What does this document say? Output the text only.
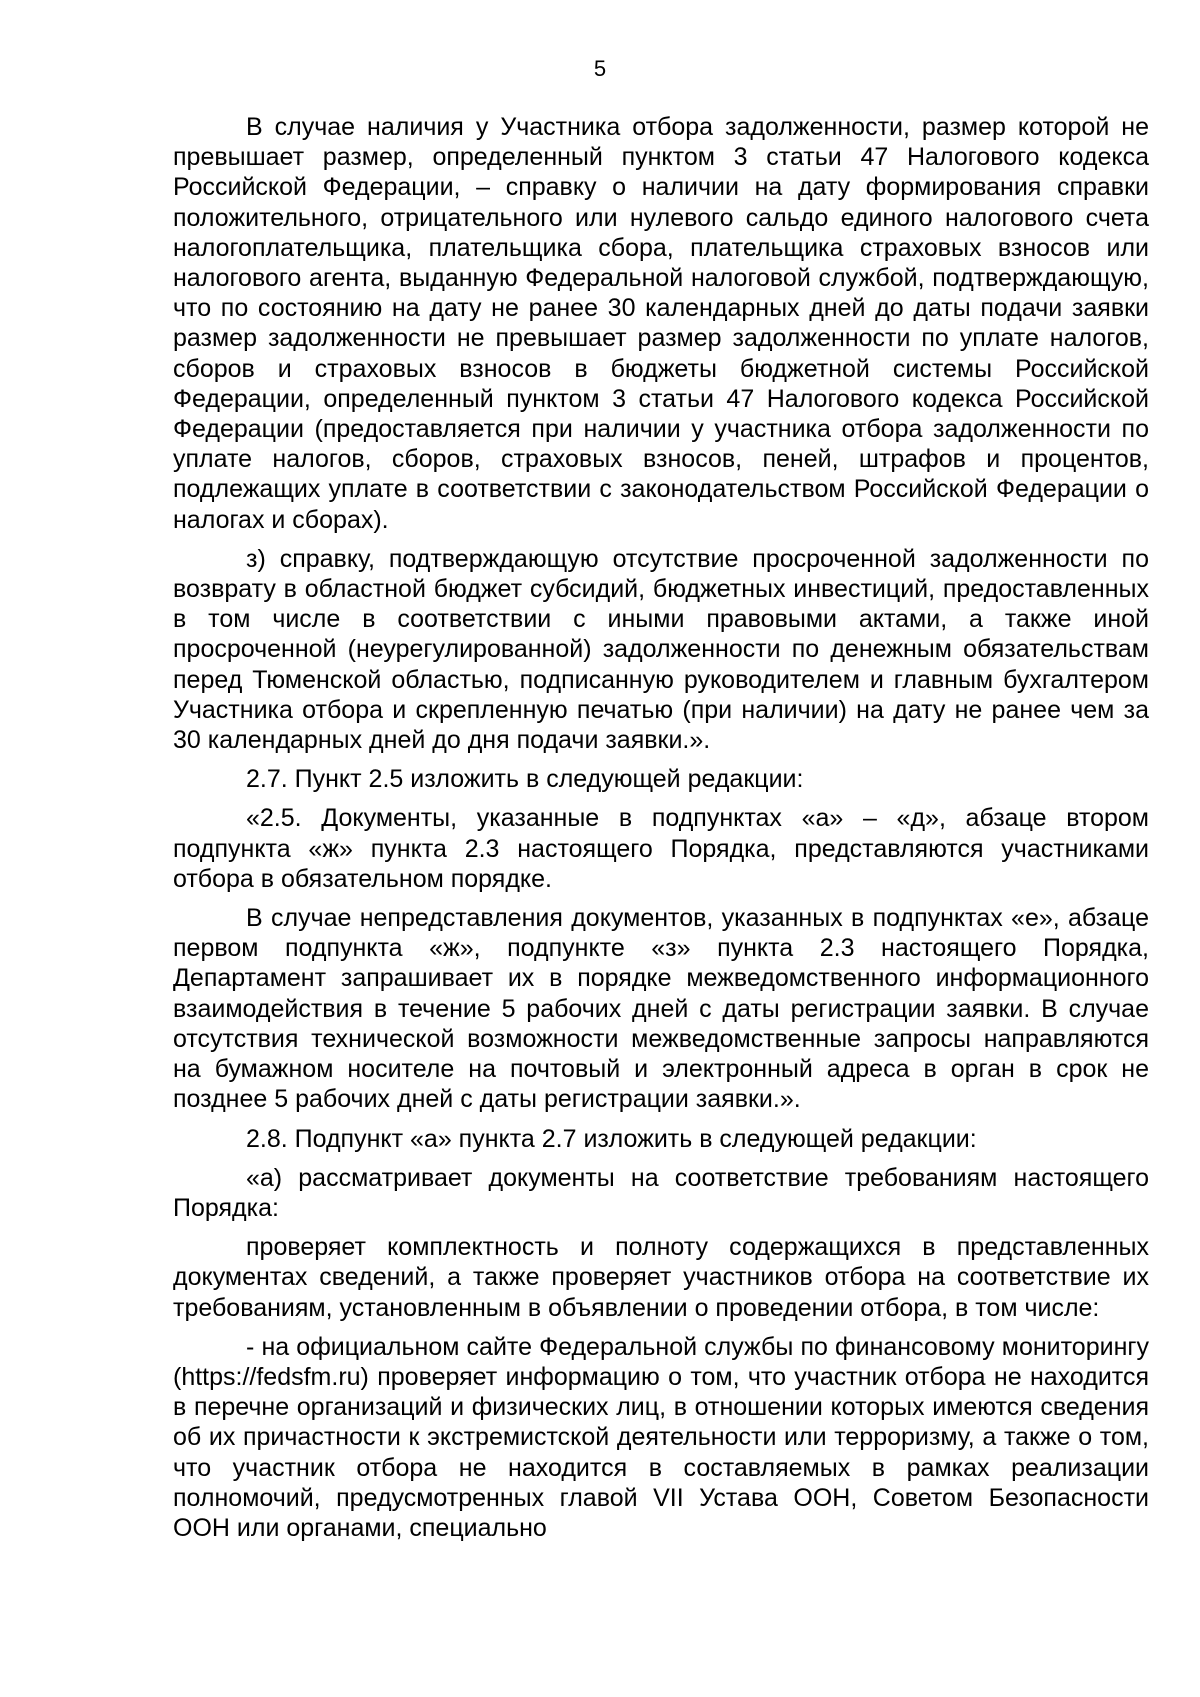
5

В случае наличия у Участника отбора задолженности, размер которой не превышает размер, определенный пунктом 3 статьи 47 Налогового кодекса Российской Федерации, – справку о наличии на дату формирования справки положительного, отрицательного или нулевого сальдо единого налогового счета налогоплательщика, плательщика сбора, плательщика страховых взносов или налогового агента, выданную Федеральной налоговой службой, подтверждающую, что по состоянию на дату не ранее 30 календарных дней до даты подачи заявки размер задолженности не превышает размер задолженности по уплате налогов, сборов и страховых взносов в бюджеты бюджетной системы Российской Федерации, определенный пунктом 3 статьи 47 Налогового кодекса Российской Федерации (предоставляется при наличии у участника отбора задолженности по уплате налогов, сборов, страховых взносов, пеней, штрафов и процентов, подлежащих уплате в соответствии с законодательством Российской Федерации о налогах и сборах).

з) справку, подтверждающую отсутствие просроченной задолженности по возврату в областной бюджет субсидий, бюджетных инвестиций, предоставленных в том числе в соответствии с иными правовыми актами, а также иной просроченной (неурегулированной) задолженности по денежным обязательствам перед Тюменской областью, подписанную руководителем и главным бухгалтером Участника отбора и скрепленную печатью (при наличии) на дату не ранее чем за 30 календарных дней до дня подачи заявки.».

2.7. Пункт 2.5 изложить в следующей редакции:

«2.5. Документы, указанные в подпунктах «а» – «д», абзаце втором подпункта «ж» пункта 2.3 настоящего Порядка, представляются участниками отбора в обязательном порядке.

В случае непредставления документов, указанных в подпунктах «е», абзаце первом подпункта «ж», подпункте «з» пункта 2.3 настоящего Порядка, Департамент запрашивает их в порядке межведомственного информационного взаимодействия в течение 5 рабочих дней с даты регистрации заявки. В случае отсутствия технической возможности межведомственные запросы направляются на бумажном носителе на почтовый и электронный адреса в орган в срок не позднее 5 рабочих дней с даты регистрации заявки.».

2.8. Подпункт «а» пункта 2.7 изложить в следующей редакции:

«а) рассматривает документы на соответствие требованиям настоящего Порядка:

проверяет комплектность и полноту содержащихся в представленных документах сведений, а также проверяет участников отбора на соответствие их требованиям, установленным в объявлении о проведении отбора, в том числе:

- на официальном сайте Федеральной службы по финансовому мониторингу (https://fedsfm.ru) проверяет информацию о том, что участник отбора не находится в перечне организаций и физических лиц, в отношении которых имеются сведения об их причастности к экстремистской деятельности или терроризму, а также о том, что участник отбора не находится в составляемых в рамках реализации полномочий, предусмотренных главой VII Устава ООН, Советом Безопасности ООН или органами, специально
